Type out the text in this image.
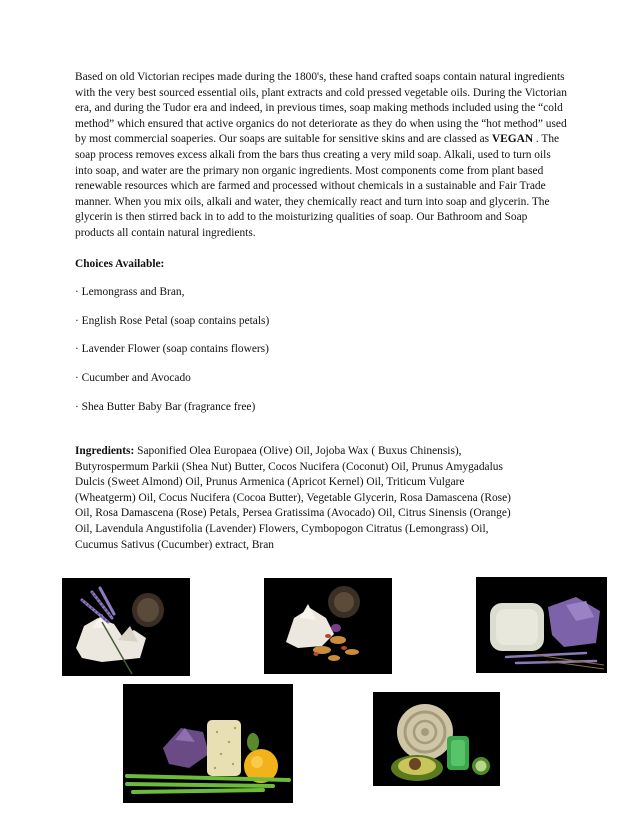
Based on old Victorian recipes made during the 1800's, these hand crafted soaps contain natural ingredients with the very best sourced essential oils, plant extracts and cold pressed vegetable oils. During the Victorian era, and during the Tudor era and indeed, in previous times, soap making methods included using the “cold method” which ensured that active organics do not deteriorate as they do when using the “hot method” used by most commercial soaperies. Our soaps are suitable for sensitive skins and are classed as VEGAN . The soap process removes excess alkali from the bars thus creating a very mild soap. Alkali, used to turn oils into soap, and water are the primary non organic ingredients. Most components come from plant based renewable resources which are farmed and processed without chemicals in a sustainable and Fair Trade manner. When you mix oils, alkali and water, they chemically react and turn into soap and glycerin. The glycerin is then stirred back in to add to the moisturizing qualities of soap. Our Bathroom and Soap products all contain natural ingredients.

Choices Available:

· Lemongrass and Bran,

· English Rose Petal (soap contains petals)

· Lavender Flower (soap contains flowers)

· Cucumber and Avocado

· Shea Butter Baby Bar (fragrance free)

Ingredients: Saponified Olea Europaea (Olive) Oil, Jojoba Wax ( Buxus Chinensis),
Butyrospermum Parkii (Shea Nut) Butter, Cocos Nucifera (Coconut) Oil, Prunus Amygadalus
Dulcis (Sweet Almond) Oil, Prunus Armenica (Apricot Kernel) Oil, Triticum Vulgare
(Wheatgerm) Oil, Cocus Nucifera (Cocoa Butter), Vegetable Glycerin, Rosa Damascena (Rose)
Oil, Rosa Damascena (Rose) Petals, Persea Gratissima (Avocado) Oil, Citrus Sinensis (Orange)
Oil, Lavendula Angustifolia (Lavender) Flowers, Cymbopogon Citratus (Lemongrass) Oil,
Cucumus Sativus (Cucumber) extract, Bran
